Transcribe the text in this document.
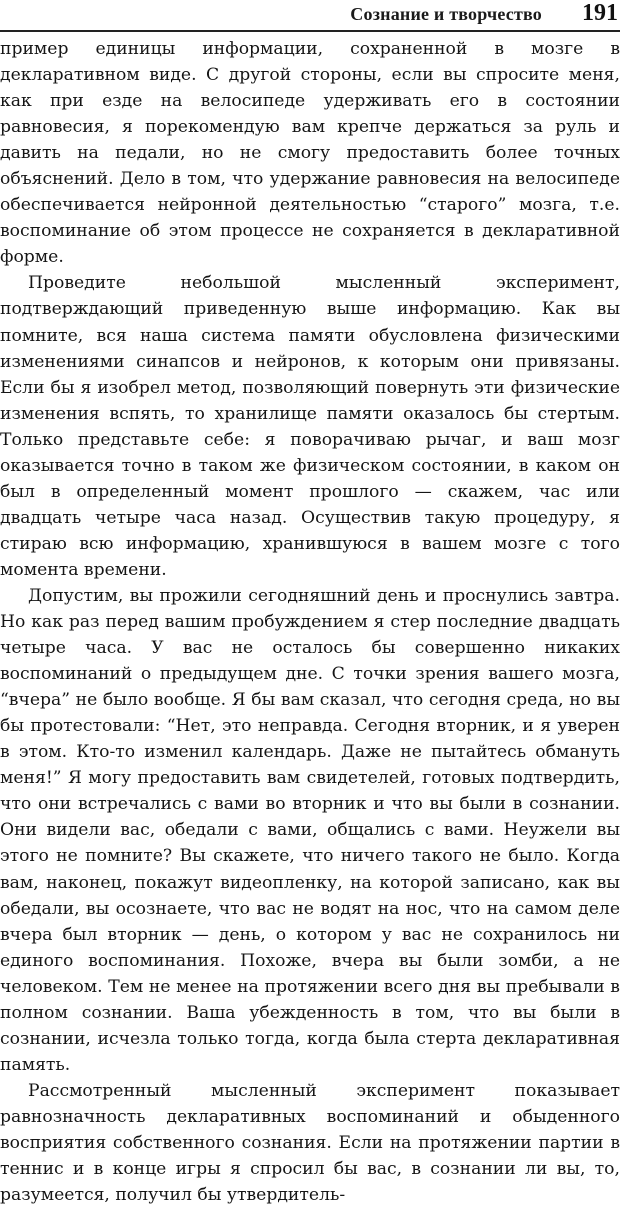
Сознание и творчество 191

пример единицы информации, сохраненной в мозге в декларативном виде. С другой стороны, если вы спросите меня, как при езде на велосипеде удерживать его в состоянии равновесия, я порекомендую вам крепче держаться за руль и давить на педали, но не смогу предоставить более точных объяснений. Дело в том, что удержание равновесия на велосипеде обеспечивается нейронной деятельностью “старого” мозга, т.е. воспоминание об этом процессе не сохраняется в декларативной форме.

Проведите небольшой мысленный эксперимент, подтверждающий приведенную выше информацию. Как вы помните, вся наша система памяти обусловлена физическими изменениями синапсов и нейронов, к которым они привязаны. Если бы я изобрел метод, позволяющий повернуть эти физические изменения вспять, то хранилище памяти оказалось бы стертым. Только представьте себе: я поворачиваю рычаг, и ваш мозг оказывается точно в таком же физическом состоянии, в каком он был в определенный момент прошлого — скажем, час или двадцать четыре часа назад. Осуществив такую процедуру, я стираю всю информацию, хранившуюся в вашем мозге с того момента времени.

Допустим, вы прожили сегодняшний день и проснулись завтра. Но как раз перед вашим пробуждением я стер последние двадцать четыре часа. У вас не осталось бы совершенно никаких воспоминаний о предыдущем дне. С точки зрения вашего мозга, “вчера” не было вообще. Я бы вам сказал, что сегодня среда, но вы бы протестовали: “Нет, это неправда. Сегодня вторник, и я уверен в этом. Кто-то изменил календарь. Даже не пытайтесь обмануть меня!” Я могу предоставить вам свидетелей, готовых подтвердить, что они встречались с вами во вторник и что вы были в сознании. Они видели вас, обедали с вами, общались с вами. Неужели вы этого не помните? Вы скажете, что ничего такого не было. Когда вам, наконец, покажут видеопленку, на которой записано, как вы обедали, вы осознаете, что вас не водят на нос, что на самом деле вчера был вторник — день, о котором у вас не сохранилось ни единого воспоминания. Похоже, вчера вы были зомби, а не человеком. Тем не менее на протяжении всего дня вы пребывали в полном сознании. Ваша убежденность в том, что вы были в сознании, исчезла только тогда, когда была стерта декларативная память.

Рассмотренный мысленный эксперимент показывает равнозначность декларативных воспоминаний и обыденного восприятия собственного сознания. Если на протяжении партии в теннис и в конце игры я спросил бы вас, в сознании ли вы, то, разумеется, получил бы утвердитель-
